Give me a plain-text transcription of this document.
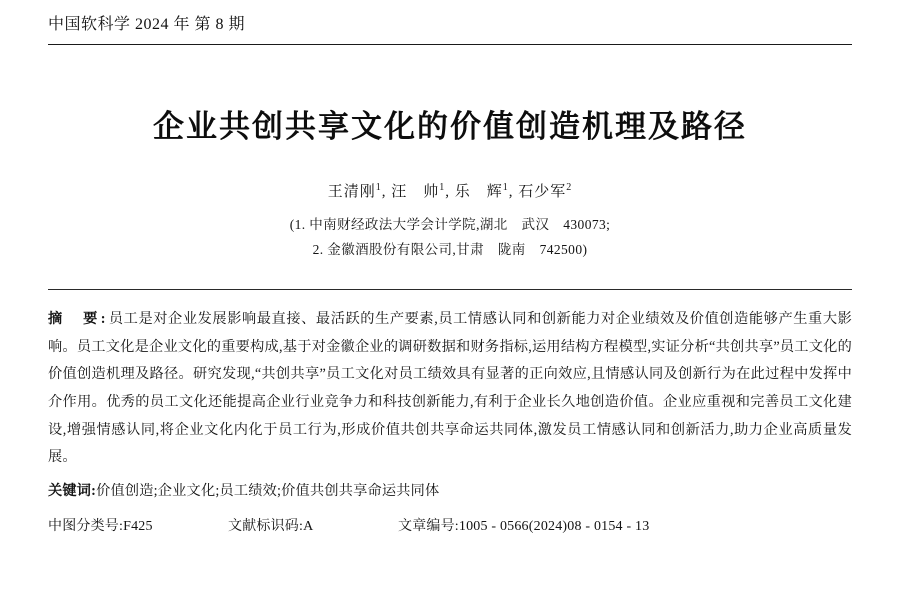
中国软科学 2024 年 第 8 期
企业共创共享文化的价值创造机理及路径
王清刚$^1$, 汪　帅$^1$, 乐　辉$^1$, 石少军$^2$
(1. 中南财经政法大学会计学院,湖北　武汉　430073;
2. 金徽酒股份有限公司,甘肃　陇南　742500)
摘　要:员工是对企业发展影响最直接、最活跃的生产要素,员工情感认同和创新能力对企业绩效及价值创造能够产生重大影响。员工文化是企业文化的重要构成,基于对金徽企业的调研数据和财务指标,运用结构方程模型,实证分析“共创共享”员工文化的价值创造机理及路径。研究发现,“共创共享”员工文化对员工绩效具有显著的正向效应,且情感认同及创新行为在此过程中发挥中介作用。优秀的员工文化还能提高企业行业竞争力和科技创新能力,有利于企业长久地创造价值。企业应重视和完善员工文化建设,增强情感认同,将企业文化内化于员工行为,形成价值共创共享命运共同体,激发员工情感认同和创新活力,助力企业高质量发展。
关键词:价值创造;企业文化;员工绩效;价值共创共享命运共同体
中图分类号:F425	文献标识码:A	文章编号:1005 - 0566(2024)08 - 0154 - 13
